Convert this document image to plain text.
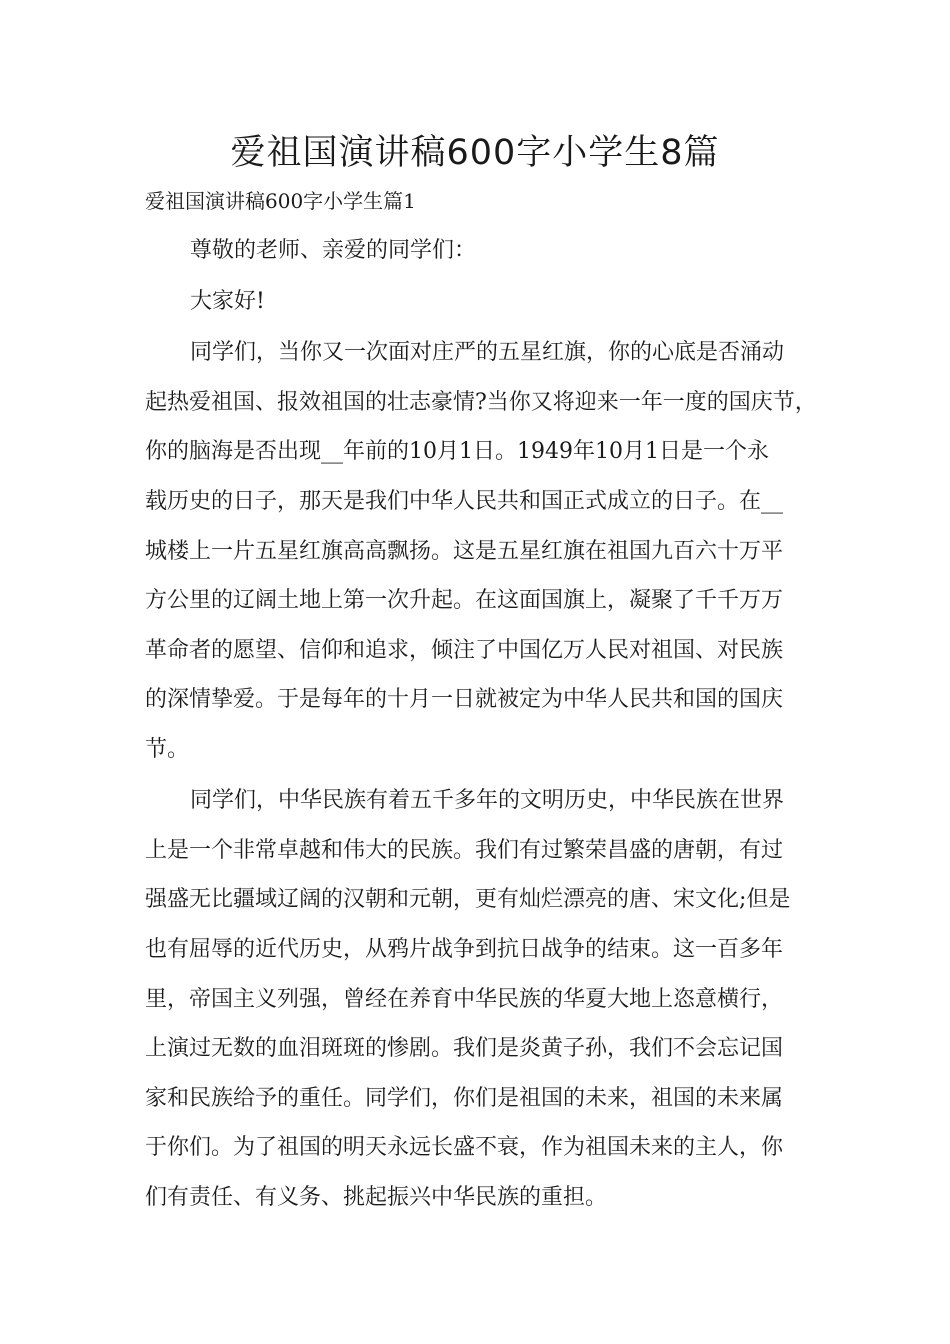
爱祖国演讲稿600字小学生8篇

爱祖国演讲稿600字小学生篇1

尊敬的老师、亲爱的同学们：

大家好!

同学们，当你又一次面对庄严的五星红旗，你的心底是否涌动

起热爱祖国、报效祖国的壮志豪情?当你又将迎来一年一度的国庆节，

你的脑海是否出现__年前的10月1日。1949年10月1日是一个永

载历史的日子，那天是我们中华人民共和国正式成立的日子。在__

城楼上一片五星红旗高高飘扬。这是五星红旗在祖国九百六十万平

方公里的辽阔土地上第一次升起。在这面国旗上，凝聚了千千万万

革命者的愿望、信仰和追求，倾注了中国亿万人民对祖国、对民族

的深情挚爱。于是每年的十月一日就被定为中华人民共和国的国庆

节。

同学们，中华民族有着五千多年的文明历史，中华民族在世界

上是一个非常卓越和伟大的民族。我们有过繁荣昌盛的唐朝，有过

强盛无比疆域辽阔的汉朝和元朝，更有灿烂漂亮的唐、宋文化;但是

也有屈辱的近代历史，从鸦片战争到抗日战争的结束。这一百多年

里，帝国主义列强，曾经在养育中华民族的华夏大地上恣意横行，

上演过无数的血泪斑斑的惨剧。我们是炎黄子孙，我们不会忘记国

家和民族给予的重任。同学们，你们是祖国的未来，祖国的未来属

于你们。为了祖国的明天永远长盛不衰，作为祖国未来的主人，你

们有责任、有义务、挑起振兴中华民族的重担。
